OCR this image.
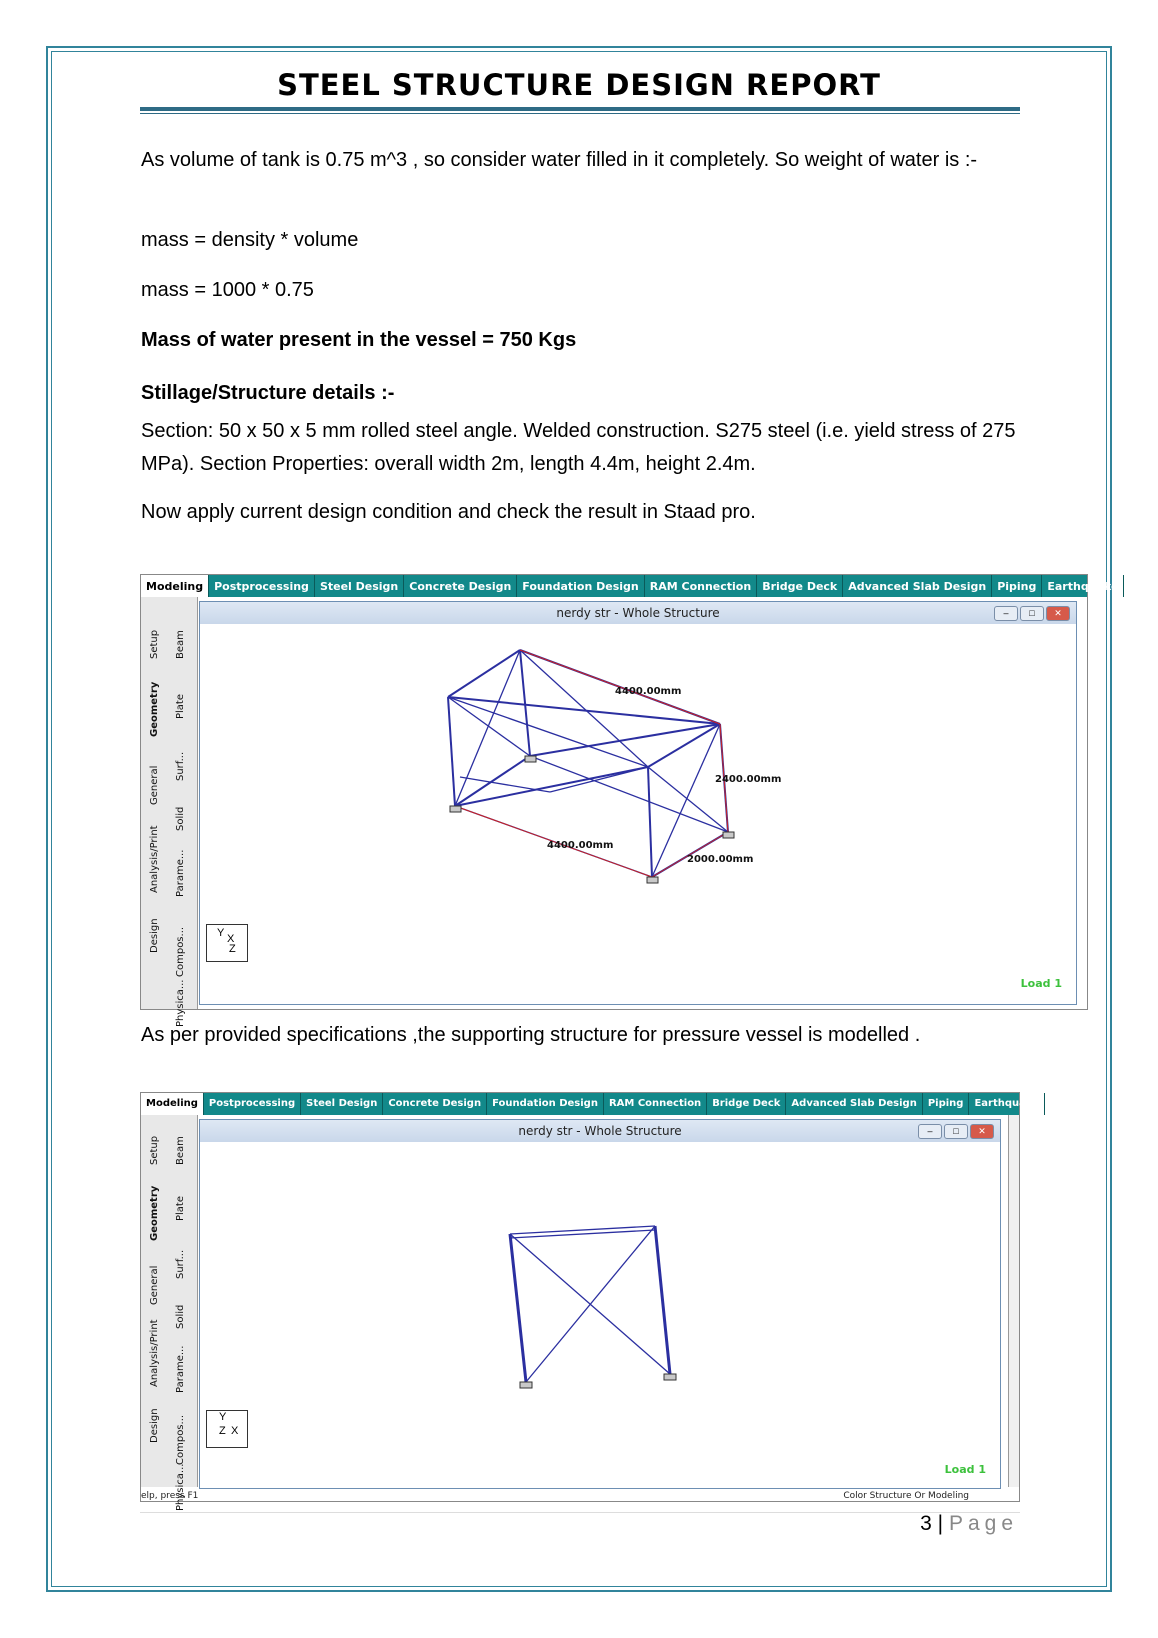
STEEL STRUCTURE DESIGN REPORT
As volume of tank is 0.75 m^3 , so consider water filled in it completely. So weight of water is :-
mass = density * volume
mass = 1000 * 0.75
Mass of water present in the vessel = 750 Kgs
Stillage/Structure details :-
Section: 50 x 50 x 5 mm rolled steel angle. Welded construction. S275 steel (i.e. yield stress of 275 MPa). Section Properties: overall width 2m, length 4.4m, height 2.4m.
Now apply current design condition and check the result in Staad pro.
Modeling	Postprocessing	Steel Design	Concrete Design	Foundation Design	RAM Connection	Bridge Deck	Advanced Slab Design	Piping	Earthquake
Setup
Geometry
General
Analysis/Print
Design
Beam
Plate
Surf...
Solid
Parame...
Compos...
Physica...
nerdy str - Whole Structure	–	□	✕
4400.00mm
2400.00mm
4400.00mm
2000.00mm
Y X
Z
Load 1
As per provided specifications ,the supporting structure for pressure vessel is modelled .
Modeling	Postprocessing	Steel Design	Concrete Design	Foundation Design	RAM Connection	Bridge Deck	Advanced Slab Design	Piping	Earthquake
Setup
Geometry
General
Analysis/Print
Design
Beam
Plate
Surf...
Solid
Parame...
Compos...
Physica...
nerdy str - Whole Structure	–	□	✕
Y
Z X
Load 1
elp, press F1	Color Structure Or Modeling
3 | Page
